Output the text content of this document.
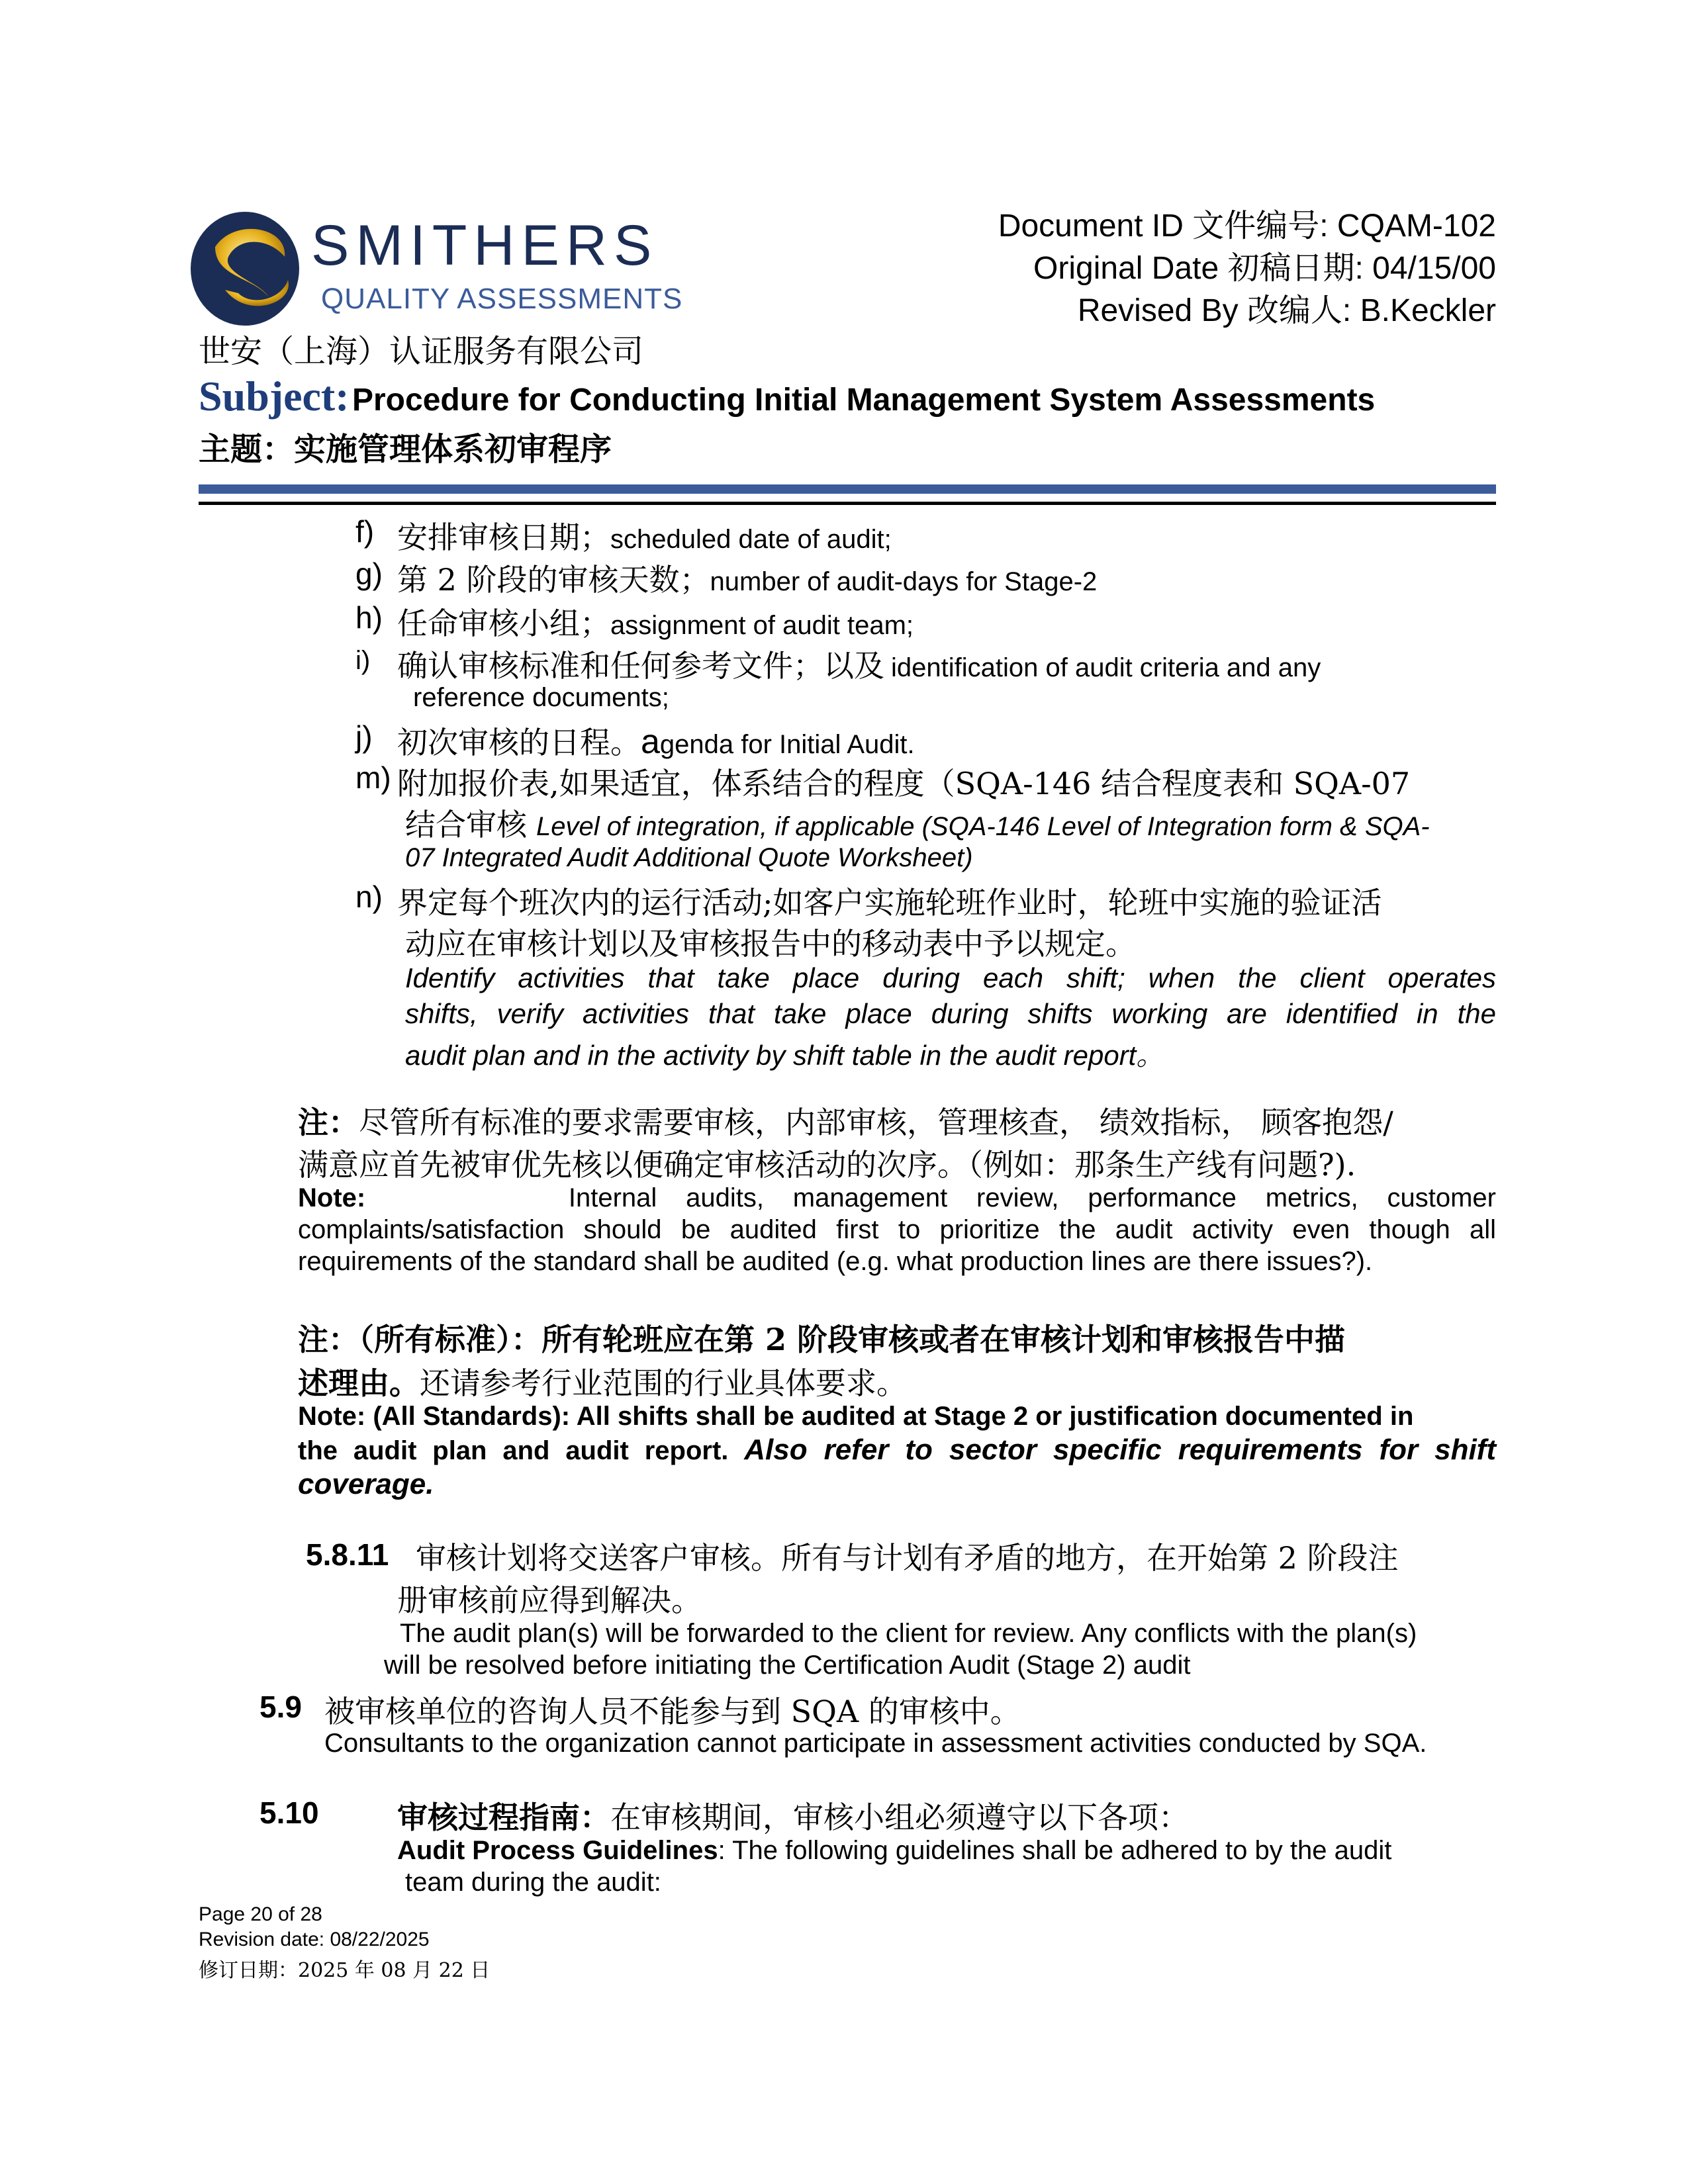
SMITHERS
QUALITY ASSESSMENTS
世安（上海）认证服务有限公司
Document ID 文件编号: CQAM-102
Original Date 初稿日期: 04/15/00
Revised By 改编人: B.Keckler
Subject: Procedure for Conducting Initial Management System Assessments
主题：实施管理体系初审程序
f) 安排审核日期；scheduled date of audit;
g) 第 2 阶段的审核天数；number of audit-days for Stage-2
h) 任命审核小组；assignment of audit team;
i) 确认审核标准和任何参考文件；以及 identification of audit criteria and any
reference documents;
j) 初次审核的日程。agenda for Initial Audit.
m) 附加报价表,如果适宜，体系结合的程度（SQA-146 结合程度表和 SQA-07
结合审核 Level of integration, if applicable (SQA-146 Level of Integration form & SQA-
07 Integrated Audit Additional Quote Worksheet)
n) 界定每个班次内的运行活动;如客户实施轮班作业时，轮班中实施的验证活
动应在审核计划以及审核报告中的移动表中予以规定。
Identify activities that take place during each shift; when the client operates
shifts, verify activities that take place during shifts working are identified in the
audit plan and in the activity by shift table in the audit report。
注：尽管所有标准的要求需要审核，内部审核，管理核查， 绩效指标， 顾客抱怨/
满意应首先被审优先核以便确定审核活动的次序。（例如：那条生产线有问题?).
Note:	Internal audits, management review, performance metrics, customer
complaints/satisfaction should be audited first to prioritize the audit activity even though all
requirements of the standard shall be audited (e.g. what production lines are there issues?).
注：（所有标准）：所有轮班应在第 2 阶段审核或者在审核计划和审核报告中描
述理由。还请参考行业范围的行业具体要求。
Note: (All Standards): All shifts shall be audited at Stage 2 or justification documented in
the audit plan and audit report. Also refer to sector specific requirements for shift
coverage.
5.8.11 审核计划将交送客户审核。所有与计划有矛盾的地方，在开始第 2 阶段注
册审核前应得到解决。
The audit plan(s) will be forwarded to the client for review. Any conflicts with the plan(s)
will be resolved before initiating the Certification Audit (Stage 2) audit
5.9 被审核单位的咨询人员不能参与到 SQA 的审核中。
Consultants to the organization cannot participate in assessment activities conducted by SQA.
5.10	审核过程指南：在审核期间，审核小组必须遵守以下各项：
Audit Process Guidelines: The following guidelines shall be adhered to by the audit
team during the audit:
Page 20 of 28
Revision date: 08/22/2025
修订日期：2025 年 08 月 22 日
